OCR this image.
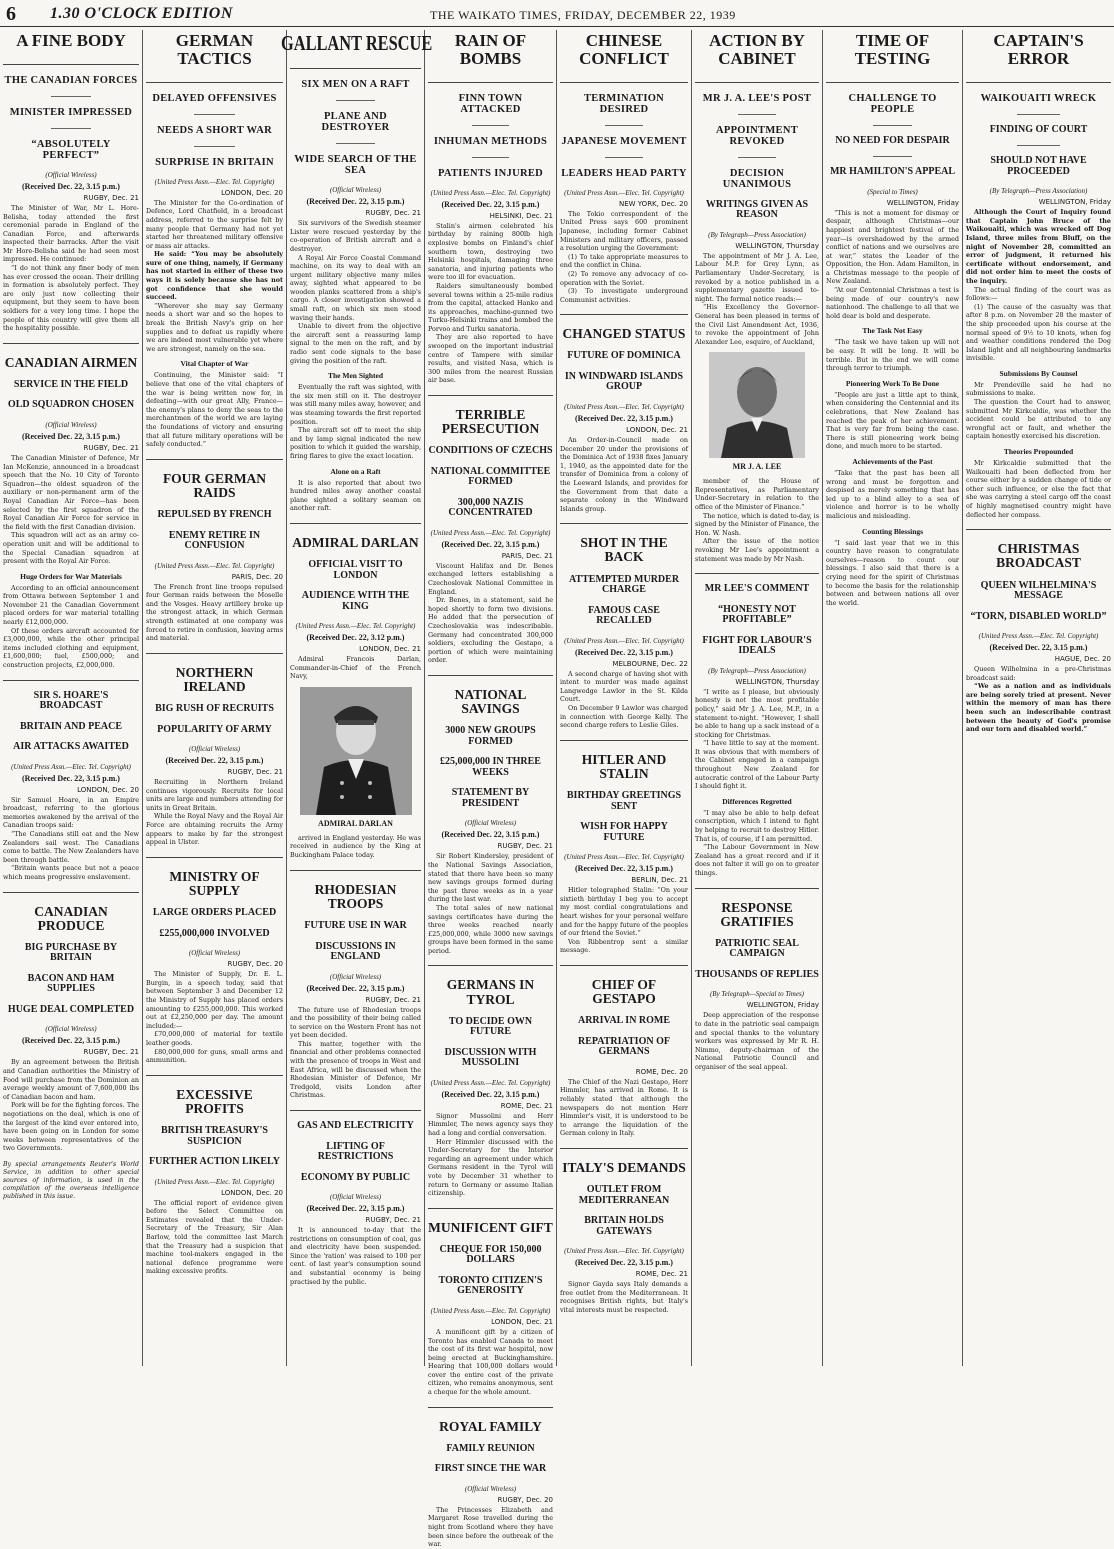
6 1.30 O'CLOCK EDITION	THE WAIKATO TIMES, FRIDAY, DECEMBER 22, 1939
A FINE BODY
THE CANADIAN FORCES
MINISTER IMPRESSED
“ABSOLUTELY PERFECT”
(Official Wireless)
(Received Dec. 22, 3.15 p.m.)
RUGBY, Dec. 21

The Minister of War, Mr L. Hore-Belisha, today attended the first ceremonial parade in England of the Canadian Force, and afterwards inspected their barracks. After the visit Mr Hore-Belisha said he had seen most impressed. He continued:

“I do not think any finer body of men has ever crossed the ocean. Their drilling in formation is absolutely perfect. They are only just now collecting their equipment, but they seem to have been soldiers for a very long time. I hope the people of this country will give them all the hospitality possible.

CANADIAN AIRMEN
SERVICE IN THE FIELD
OLD SQUADRON CHOSEN
(Official Wireless)
(Received Dec. 22, 3.15 p.m.)
RUGBY, Dec. 21

The Canadian Minister of Defence, Mr Ian McKenzie, announced in a broadcast speech that the No. 10 City of Toronto Squadron—the oldest squadron of the auxiliary or non-permanent arm of the Royal Canadian Air Force—has been selected by the first squadron of the Royal Canadian Air Force for service in the field with the first Canadian division.

This squadron will act as an army co-operation unit and will be additional to the Special Canadian squadron at present with the Royal Air Force.

Huge Orders for War Materials

According to an official announcement from Ottawa between September 1 and November 21 the Canadian Government placed orders for war material totalling nearly £12,000,000.

Of these orders aircraft accounted for £3,000,000, while the other principal items included clothing and equipment, £1,600,000; fuel, £500,000; and construction projects, £2,000,000.

SIR S. HOARE'S BROADCAST
BRITAIN AND PEACE
AIR ATTACKS AWAITED
(United Press Assn.—Elec. Tel. Copyright)
(Received Dec. 22, 3.15 p.m.)
LONDON, Dec. 20

Sir Samuel Hoare, in an Empire broadcast, referring to the glorious memories awakened by the arrival of the Canadian troops said:

“The Canadians still eat and the New Zealanders sail west. The Canadians come to battle. The New Zealanders have been through battle.

“Britain wants peace but not a peace which means progressive enslavement.

CANADIAN PRODUCE
BIG PURCHASE BY BRITAIN
BACON AND HAM SUPPLIES
HUGE DEAL COMPLETED
(Official Wireless)
(Received Dec. 22, 3.15 p.m.)
RUGBY, Dec. 21

By an agreement between the British and Canadian authorities the Ministry of Food will purchase from the Dominion an average weekly amount of 7,600,000 lbs of Canadian bacon and ham.

Pork will be for the fighting forces. The negotiations on the deal, which is one of the largest of the kind ever entered into, have been going on in London for some weeks between representatives of the two Governments.

By special arrangements Reuter's World Service, in addition to other special sources of information, is used in the compilation of the overseas intelligence published in this issue.
GERMAN TACTICS
DELAYED OFFENSIVES
NEEDS A SHORT WAR
SURPRISE IN BRITAIN
(United Press Assn.—Elec. Tel. Copyright)
LONDON, Dec. 20

The Minister for the Co-ordination of Defence, Lord Chatfield, in a broadcast address, referred to the surprise felt by many people that Germany had not yet started her threatened military offensive or mass air attacks.

He said: “You may be absolutely sure of one thing, namely, if Germany has not started in either of these two ways it is solely because she has not got confidence that she would succeed.

“Wherever she may say Germany needs a short war and so the hopes to break the British Navy's grip on her supplies and to defeat us rapidly where we are indeed most vulnerable yet where we are strongest, namely on the sea.

Vital Chapter of War

Continuing, the Minister said: “I believe that one of the vital chapters of the war is being written now for, in defeating—with our great Ally, France—the enemy's plans to deny the seas to the merchantmen of the world we are laying the foundations of victory and ensuring that all future military operations will be safely conducted.”

FOUR GERMAN RAIDS
REPULSED BY FRENCH
ENEMY RETIRE IN CONFUSION
(United Press Assn.—Elec. Tel. Copyright)
PARIS, Dec. 20

The French front line troops repulsed four German raids between the Moselle and the Vosges. Heavy artillery broke up the strongest attack, in which German strength estimated at one company was forced to retire in confusion, leaving arms and material.

NORTHERN IRELAND
BIG RUSH OF RECRUITS
POPULARITY OF ARMY
(Official Wireless)
(Received Dec. 22, 3.15 p.m.)
RUGBY, Dec. 21

Recruiting in Northern Ireland continues vigorously. Recruits for local units are large and numbers attending for units in Great Britain.

While the Royal Navy and the Royal Air Force are obtaining recruits the Army appears to make by far the strongest appeal in Ulster.

MINISTRY OF SUPPLY
LARGE ORDERS PLACED
£255,000,000 INVOLVED
(Official Wireless)
RUGBY, Dec. 20

The Minister of Supply, Dr. E. L. Burgin, in a speech today, said that between September 3 and December 12 the Ministry of Supply has placed orders amounting to £255,000,000. This worked out at £2,250,000 per day. The amount included:—

£70,000,000 of material for textile leather goods.

£80,000,000 for guns, small arms and ammunition.

EXCESSIVE PROFITS
BRITISH TREASURY'S SUSPICION
FURTHER ACTION LIKELY
(United Press Assn.—Elec. Tel. Copyright)
LONDON, Dec. 20

The official report of evidence given before the Select Committee on Estimates revealed that the Under-Secretary of the Treasury, Sir Alan Barlow, told the committee last March that the Treasury had a suspicion that machine tool-makers engaged in the national defence programme were making excessive profits.

GALLANT RESCUE
SIX MEN ON A RAFT
PLANE AND DESTROYER
WIDE SEARCH OF THE SEA
(Official Wireless)
(Received Dec. 22, 3.15 p.m.)
RUGBY, Dec. 21

Six survivors of the Swedish steamer Lister were rescued yesterday by the co-operation of British aircraft and a destroyer.

A Royal Air Force Coastal Command machine, on its way to deal with an urgent military objective many miles away, sighted what appeared to be wooden planks scattered from a ship's cargo. A closer investigation showed a small raft, on which six men stood waving their hands.

Unable to divert from the objective the aircraft sent a reassuring lamp signal to the men on the raft, and by radio sent code signals to the base giving the position of the raft.

The Men Sighted

Eventually the raft was sighted, with the six men still on it. The destroyer was still many miles away, however, and was steaming towards the first reported position.

The aircraft set off to meet the ship and by lamp signal indicated the new position to which it guided the warship, firing flares to give the exact location.

Alone on a Raft

It is also reported that about two hundred miles away another coastal plane sighted a solitary seaman on another raft.

ADMIRAL DARLAN
OFFICIAL VISIT TO LONDON
AUDIENCE WITH THE KING
(United Press Assn.—Elec. Tel. Copyright)
(Received Dec. 22, 3.12 p.m.)
LONDON, Dec. 21

Admiral Francois Darlan, Commander-in-Chief of the French Navy,

ADMIRAL DARLAN

arrived in England yesterday. He was received in audience by the King at Buckingham Palace today.

RHODESIAN TROOPS
FUTURE USE IN WAR
DISCUSSIONS IN ENGLAND
(Official Wireless)
(Received Dec. 22, 3.15 p.m.)
RUGBY, Dec. 21

The future use of Rhodesian troops and the possibility of their being called to service on the Western Front has not yet been decided.

This matter, together with the financial and other problems connected with the presence of troops in West and East Africa, will be discussed when the Rhodesian Minister of Defence, Mr Tredgold, visits London after Christmas.

GAS AND ELECTRICITY
LIFTING OF RESTRICTIONS
ECONOMY BY PUBLIC
(Official Wireless)
(Received Dec. 22, 3.15 p.m.)
RUGBY, Dec. 21

It is announced to-day that the restrictions on consumption of coal, gas and electricity have been suspended. Since the 'ration' was raised to 100 per cent. of last year's consumption sound and substantial economy is being practised by the public.

RAIN OF BOMBS
FINN TOWN ATTACKED
INHUMAN METHODS
PATIENTS INJURED
(United Press Assn.—Elec. Tel. Copyright)
(Received Dec. 22, 3.15 p.m.)
HELSINKI, Dec. 21

Stalin's airmen celebrated his birthday by raining 800lb high explosive bombs on Finland's chief southern town, destroying two Helsinki hospitals, damaging three sanatoria, and injuring patients who were too ill for evacuation.

Raiders simultaneously bombed several towns within a 25-mile radius from the capital, attacked Hanko and its approaches, machine-gunned two Turku-Helsinki trains and bombed the Porvoo and Turku sanatoria.

They are also reported to have swooped on the important industrial centre of Tampere with similar results, and visited Nasa, which is 300 miles from the nearest Russian air base.

TERRIBLE PERSECUTION
CONDITIONS OF CZECHS
NATIONAL COMMITTEE FORMED
300,000 NAZIS CONCENTRATED
(United Press Assn.—Elec. Tel. Copyright)
(Received Dec. 22, 3.15 p.m.)
PARIS, Dec. 21

Viscount Halifax and Dr. Benes exchanged letters establishing a Czechoslovak National Committee in England.

Dr. Benes, in a statement, said he hoped shortly to form two divisions. He added that the persecution of Czechoslovakia was indescribable. Germany had concentrated 300,000 soldiers, excluding the Gestapo, a portion of which were maintaining order.

NATIONAL SAVINGS
3000 NEW GROUPS FORMED
£25,000,000 IN THREE WEEKS
STATEMENT BY PRESIDENT
(Official Wireless)
(Received Dec. 22, 3.15 p.m.)
RUGBY, Dec. 21

Sir Robert Kindersley, president of the National Savings Association, stated that there have been so many new savings groups formed during the past three weeks as in a year during the last war.

The total sales of new national savings certificates have during the three weeks reached nearly £25,000,000, while 3000 new savings groups have been formed in the same period.

GERMANS IN TYROL
TO DECIDE OWN FUTURE
DISCUSSION WITH MUSSOLINI
(United Press Assn.—Elec. Tel. Copyright)
(Received Dec. 22, 3.15 p.m.)
ROME, Dec. 21

Signor Mussolini and Herr Himmler, The news agency says they had a long and cordial conversation.

Herr Himmler discussed with the Under-Secretary for the Interior regarding an agreement under which Germans resident in the Tyrol will vote by December 31 whether to return to Germany or assume Italian citizenship.

MUNIFICENT GIFT
CHEQUE FOR 150,000 DOLLARS
TORONTO CITIZEN'S GENEROSITY
(United Press Assn.—Elec. Tel. Copyright)
LONDON, Dec. 21

A munificent gift by a citizen of Toronto has enabled Canada to meet the cost of its first war hospital, now being erected at Buckinghamshire. Hearing that 100,000 dollars would cover the entire cost of the private citizen, who remains anonymous, sent a cheque for the whole amount.

ROYAL FAMILY
FAMILY REUNION
FIRST SINCE THE WAR
(Official Wireless)
RUGBY, Dec. 20

The Princesses Elizabeth and Margaret Rose travelled during the night from Scotland where they have been since before the outbreak of the war.

CHINESE CONFLICT
TERMINATION DESIRED
JAPANESE MOVEMENT
LEADERS HEAD PARTY
(United Press Assn.—Elec. Tel. Copyright)
NEW YORK, Dec. 20

The Tokio correspondent of the United Press says 600 prominent Japanese, including former Cabinet Ministers and military officers, passed a resolution urging the Government:

(1) To take appropriate measures to end the conflict in China.

(2) To remove any advocacy of co-operation with the Soviet.

(3) To investigate underground Communist activities.

CHANGED STATUS
FUTURE OF DOMINICA
IN WINDWARD ISLANDS GROUP
(United Press Assn.—Elec. Tel. Copyright)
(Received Dec. 22, 3.15 p.m.)
LONDON, Dec. 21

An Order-in-Council made on December 20 under the provisions of the Dominica Act of 1938 fixes January 1, 1940, as the appointed date for the transfer of Dominica from a colony of the Leeward Islands, and provides for the Government from that date a separate colony in the Windward Islands group.

SHOT IN THE BACK
ATTEMPTED MURDER CHARGE
FAMOUS CASE RECALLED
(United Press Assn.—Elec. Tel. Copyright)
(Received Dec. 22, 3.15 p.m.)
MELBOURNE, Dec. 22

A second charge of having shot with intent to murder was made against Langwedge Lawlor in the St. Kilda Court.

On December 9 Lawlor was charged in connection with George Kelly. The second charge refers to Leslie Giles.

HITLER AND STALIN
BIRTHDAY GREETINGS SENT
WISH FOR HAPPY FUTURE
(United Press Assn.—Elec. Tel. Copyright)
(Received Dec. 22, 3.15 p.m.)
BERLIN, Dec. 21

Hitler telegraphed Stalin: “On your sixtieth birthday I beg you to accept my most cordial congratulations and heart wishes for your personal welfare and for the happy future of the peoples of our friend the Soviet.”

Von Ribbentrop sent a similar message.

CHIEF OF GESTAPO
ARRIVAL IN ROME
REPATRIATION OF GERMANS
ROME, Dec. 20

The Chief of the Nazi Gestapo, Herr Himmler, has arrived in Rome. It is reliably stated that although the newspapers do not mention Herr Himmler's visit, it is understood to be to arrange the liquidation of the German colony in Italy.

ITALY'S DEMANDS
OUTLET FROM MEDITERRANEAN
BRITAIN HOLDS GATEWAYS
(United Press Assn.—Elec. Tel. Copyright)
(Received Dec. 22, 3.15 p.m.)
ROME, Dec. 21

Signor Gayda says Italy demands a free outlet from the Mediterranean. It recognises British rights, but Italy's vital interests must be respected.

ACTION BY CABINET
MR J. A. LEE'S POST
APPOINTMENT REVOKED
DECISION UNANIMOUS
WRITINGS GIVEN AS REASON
(By Telegraph—Press Association)
WELLINGTON, Thursday

The appointment of Mr J. A. Lee, Labour M.P. for Grey Lynn, as Parliamentary Under-Secretary, is revoked by a notice published in a supplementary gazette issued to-night. The formal notice reads:—

“His Excellency the Governor-General has been pleased in terms of the Civil List Amendment Act, 1936, to revoke the appointment of John Alexander Lee, esquire, of Auckland,

MR J. A. LEE

member of the House of Representatives, as Parliamentary Under-Secretary in relation to the office of the Minister of Finance.”

The notice, which is dated to-day, is signed by the Minister of Finance, the Hon. W. Nash.

After the issue of the notice revoking Mr Lee's appointment a statement was made by Mr Nash.

MR LEE'S COMMENT
“HONESTY NOT PROFITABLE”
FIGHT FOR LABOUR'S IDEALS
(By Telegraph—Press Association)
WELLINGTON, Thursday

“I write as I please, but obviously honesty is not the most profitable policy,” said Mr J. A. Lee, M.P., in a statement to-night. “However, I shall be able to hang up a sack instead of a stocking for Christmas.

“I have little to say at the moment. It was obvious that with members of the Cabinet engaged in a campaign throughout New Zealand for autocratic control of the Labour Party I should fight it.

Differences Regretted

“I may also be able to help defeat conscription, which I intend to fight by helping to recruit to destroy Hitler. That is, of course, if I am permitted.

“The Labour Government in New Zealand has a great record and if it does not falter it will go on to greater things.

RESPONSE GRATIFIES
PATRIOTIC SEAL CAMPAIGN
THOUSANDS OF REPLIES
(By Telegraph—Special to Times)
WELLINGTON, Friday

Deep appreciation of the response to date in the patriotic seal campaign and special thanks to the voluntary workers was expressed by Mr R. H. Nimmo, deputy-chairman of the National Patriotic Council and organiser of the seal appeal.

TIME OF TESTING
CHALLENGE TO PEOPLE
NO NEED FOR DESPAIR
MR HAMILTON'S APPEAL
(Special to Times)
WELLINGTON, Friday

“This is not a moment for dismay or despair, although Christmas—our happiest and brightest festival of the year—is overshadowed by the armed conflict of nations and we ourselves are at war,” states the Leader of the Opposition, the Hon. Adam Hamilton, in a Christmas message to the people of New Zealand.

“At our Centennial Christmas a test is being made of our country's new nationhood. The challenge to all that we hold dear is bold and desperate.

The Task Not Easy

“The task we have taken up will not be easy. It will be long. It will be terrible. But in the end we will come through terror to triumph.

Pioneering Work To Be Done

“People are just a little apt to think, when considering the Centennial and its celebrations, that New Zealand has reached the peak of her achievement. That is very far from being the case. There is still pioneering work being done, and much more to be started.

Achievements of the Past

“Take that the past has been all wrong and must be forgotten and despised as merely something that has led up to a blind alley to a sea of violence and horror is to be wholly malicious and misleading.

Counting Blessings

“I said last year that we in this country have reason to congratulate ourselves—reason to count our blessings. I also said that there is a crying need for the spirit of Christmas to become the basis for the relationship between and between nations all over the world.

CAPTAIN'S ERROR
WAIKOUAITI WRECK
FINDING OF COURT
SHOULD NOT HAVE PROCEEDED
(By Telegraph—Press Association)
WELLINGTON, Friday

Although the Court of Inquiry found that Captain John Bruce of the Waikouaiti, which was wrecked off Dog Island, three miles from Bluff, on the night of November 28, committed an error of judgment, it returned his certificate without endorsement, and did not order him to meet the costs of the inquiry.

The actual finding of the court was as follows:—

(1) The cause of the casualty was that after 8 p.m. on November 28 the master of the ship proceeded upon his course at the normal speed of 9½ to 10 knots, when fog and weather conditions rendered the Dog Island light and all neighbouring landmarks invisible.

Submissions By Counsel

Mr Prendeville said he had no submissions to make.

The question the Court had to answer, submitted Mr Kirkcaldie, was whether the accident could be attributed to any wrongful act or fault, and whether the captain honestly exercised his discretion.

Theories Propounded

Mr Kirkcaldie submitted that the Waikouaiti had been deflected from her course either by a sudden change of tide or other such influence, or else the fact that she was carrying a steel cargo off the coast of highly magnetised country might have deflected her compass.

CHRISTMAS BROADCAST
QUEEN WILHELMINA'S MESSAGE
“TORN, DISABLED WORLD”
(United Press Assn.—Elec. Tel. Copyright)
(Received Dec. 22, 3.15 p.m.)
HAGUE, Dec. 20

Queen Wilhelmina in a pre-Christmas broadcast said:

“We as a nation and as individuals are being sorely tried at present. Never within the memory of man has there been such an indescribable contrast between the beauty of God's promise and our torn and disabled world.”
